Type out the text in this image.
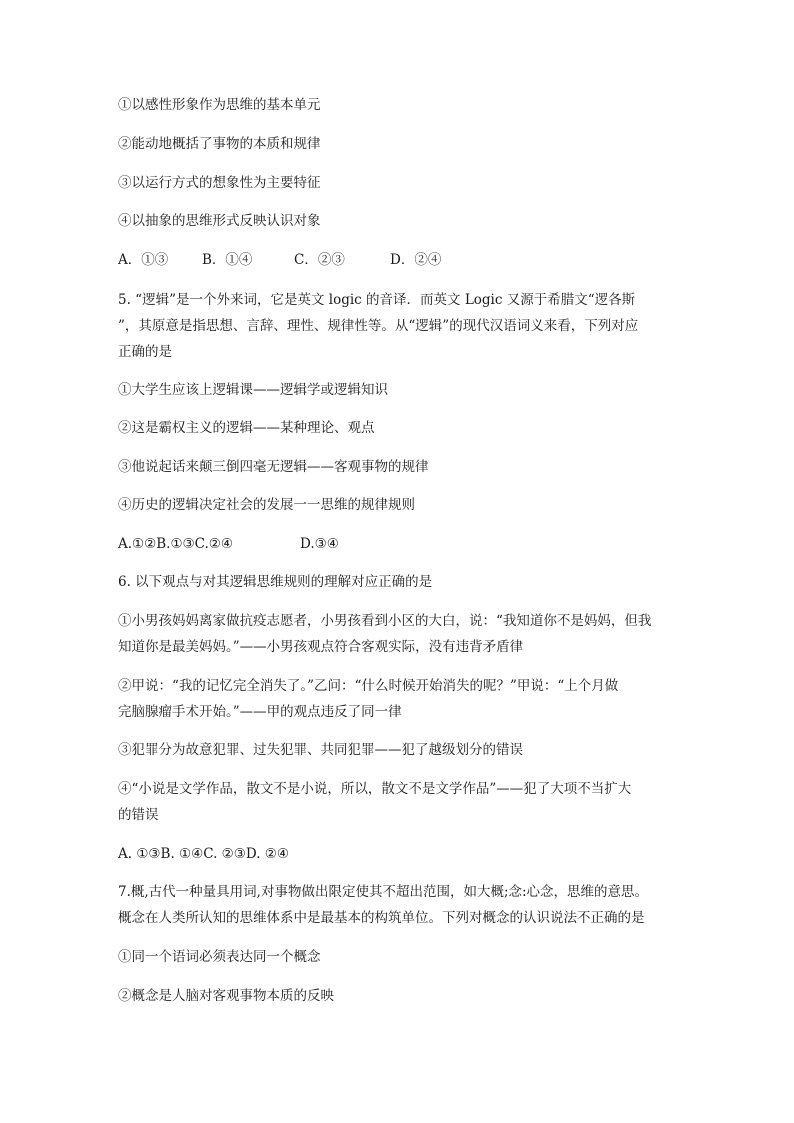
①以感性形象作为思维的基本单元
②能动地概括了事物的本质和规律
③以运行方式的想象性为主要特征
④以抽象的思维形式反映认识对象
A．①③	B．①④	C．②③	D．②④
5. “逻辑”是一个外来词，它是英文 logic 的音译．而英文 Logic 又源于希腊文“逻各斯
”，其原意是指思想、言辞、理性、规律性等。从“逻辑”的现代汉语词义来看，下列对应
正确的是
①大学生应该上逻辑课——逻辑学或逻辑知识
②这是霸权主义的逻辑——某种理论、观点
③他说起话来颠三倒四毫无逻辑——客观事物的规律
④历史的逻辑决定社会的发展一一思维的规律规则
A.①②B.①③C.②④	D.③④
6. 以下观点与对其逻辑思维规则的理解对应正确的是
①小男孩妈妈离家做抗疫志愿者，小男孩看到小区的大白，说：“我知道你不是妈妈，但我
知道你是最美妈妈。”——小男孩观点符合客观实际，没有违背矛盾律
②甲说：“我的记忆完全消失了。”乙问：“什么时候开始消失的呢？”甲说：“上个月做
完脑腺瘤手术开始。”——甲的观点违反了同一律
③犯罪分为故意犯罪、过失犯罪、共同犯罪——犯了越级划分的错误
④“小说是文学作品，散文不是小说，所以，散文不是文学作品”——犯了大项不当扩大
的错误
A. ①③B. ①④C. ②③D. ②④
7.概,古代一种量具用词,对事物做出限定使其不超出范围，如大概;念:心念，思维的意思。
概念在人类所认知的思维体系中是最基本的构筑单位。下列对概念的认识说法不正确的是
①同一个语词必须表达同一个概念
②概念是人脑对客观事物本质的反映
